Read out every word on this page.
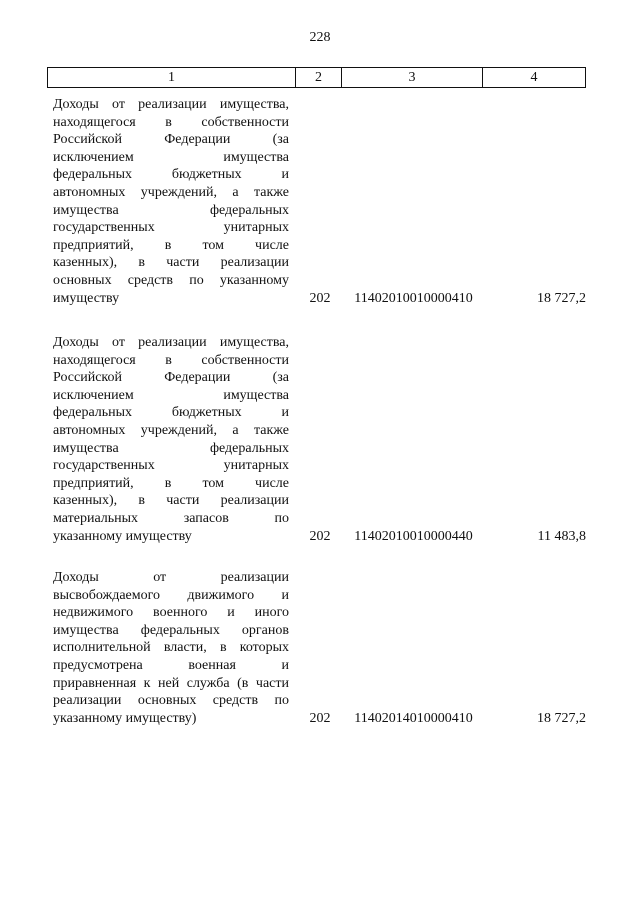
228
1	2	3	4
Доходы от реализации имущества,
находящегося в собственности
Российской Федерации (за
исключением имущества
федеральных бюджетных и
автономных учреждений, а также
имущества федеральных
государственных унитарных
предприятий, в том числе
казенных), в части реализации
основных средств по указанному
имуществу	202	11402010010000410	18 727,2
Доходы от реализации имущества,
находящегося в собственности
Российской Федерации (за
исключением имущества
федеральных бюджетных и
автономных учреждений, а также
имущества федеральных
государственных унитарных
предприятий, в том числе
казенных), в части реализации
материальных запасов по
указанному имуществу	202	11402010010000440	11 483,8
Доходы от реализации
высвобождаемого движимого и
недвижимого военного и иного
имущества федеральных органов
исполнительной власти, в которых
предусмотрена военная и
приравненная к ней служба (в части
реализации основных средств по
указанному имуществу)	202	11402014010000410	18 727,2
